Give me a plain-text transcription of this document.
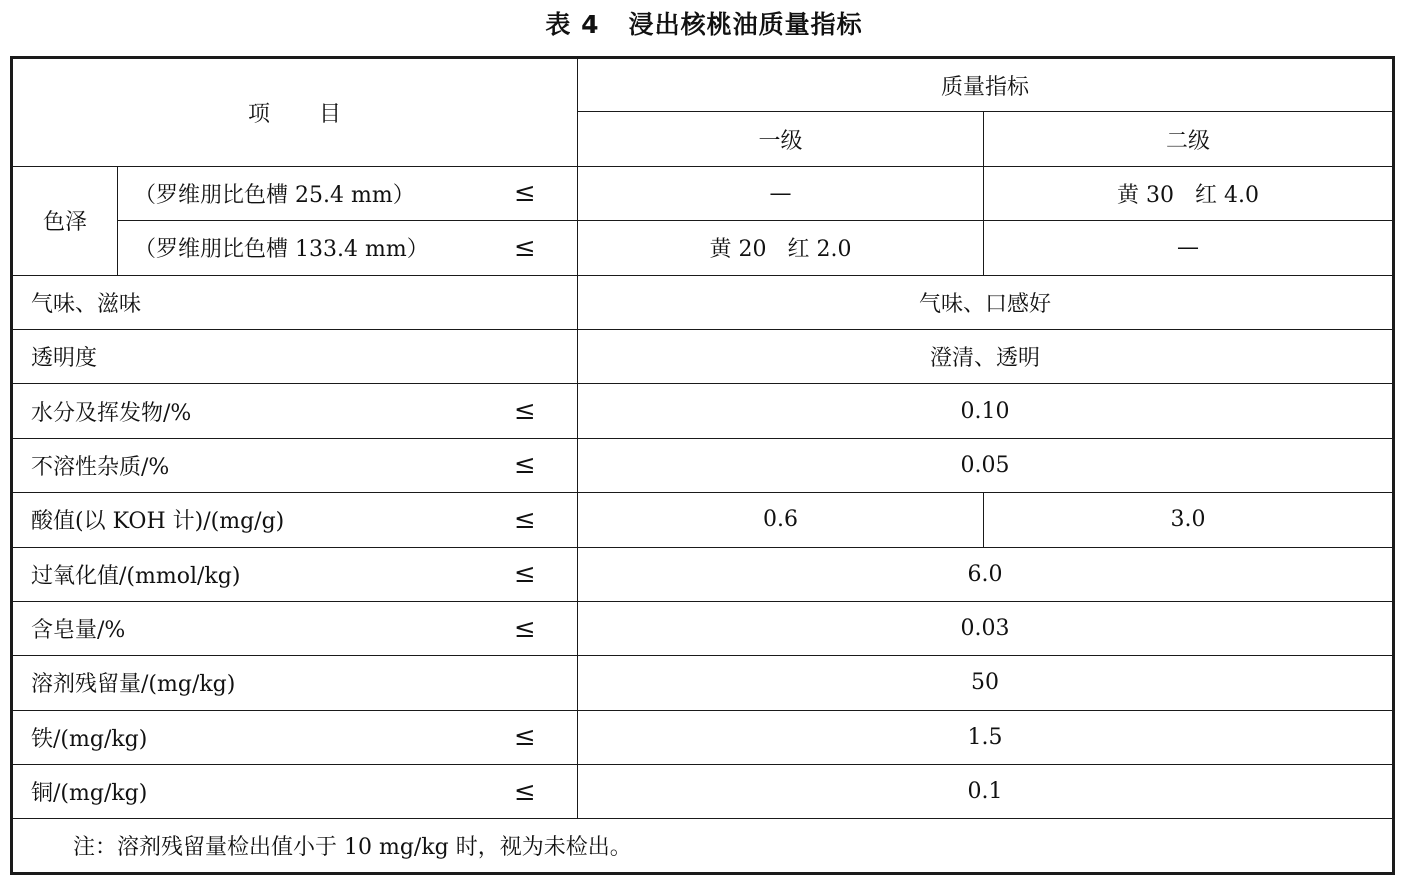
表 4   浸出核桃油质量指标
项      目			质量指标	
			一级	二级
色泽	（罗维朋比色槽 25.4 mm）	≤	—	黄 30   红 4.0
	（罗维朋比色槽 133.4 mm）	≤	黄 20   红 2.0	—
气味、滋味			气味、口感好	
透明度			澄清、透明	
水分及挥发物/%		≤	0.10	
不溶性杂质/%		≤	0.05	
酸值(以 KOH 计)/(mg/g)		≤	0.6	3.0
过氧化值/(mmol/kg)		≤	6.0	
含皂量/%		≤	0.03	
溶剂残留量/(mg/kg)			50	
铁/(mg/kg)		≤	1.5	
铜/(mg/kg)		≤	0.1	
注：溶剂残留量检出值小于 10 mg/kg 时，视为未检出。				
